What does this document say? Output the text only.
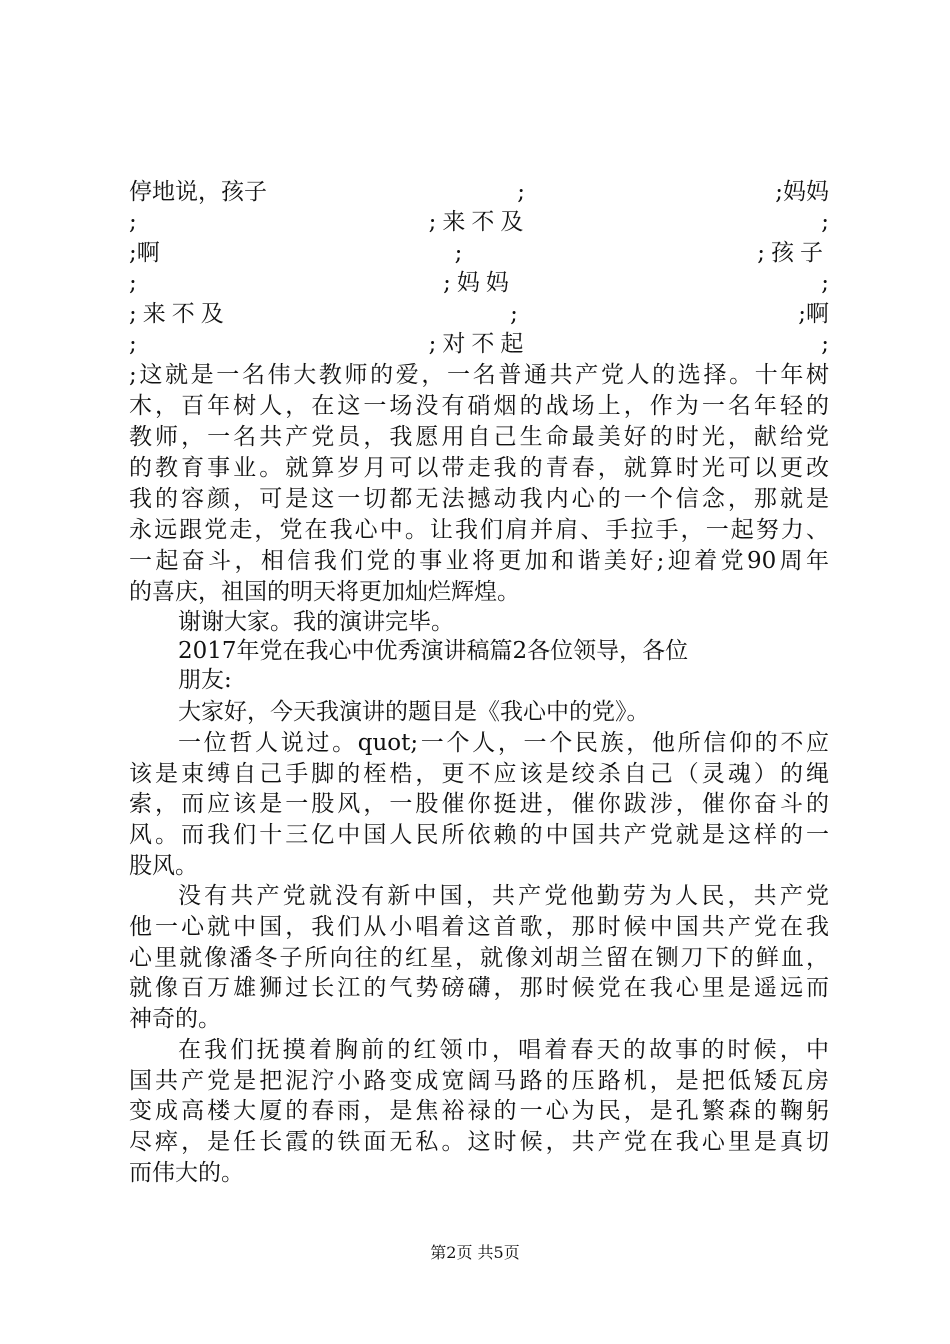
停地说，孩子	;	;妈妈
;	;来不及	;
;啊	;	;孩子
;	;妈妈	;
;来不及	;	;啊
;	;对不起	;
;这就是一名伟大教师的爱，一名普通共产党人的选择。十年树
木，百年树人，在这一场没有硝烟的战场上，作为一名年轻的
教师，一名共产党员，我愿用自己生命最美好的时光，献给党
的教育事业。就算岁月可以带走我的青春，就算时光可以更改
我的容颜，可是这一切都无法撼动我内心的一个信念，那就是
永远跟党走，党在我心中。让我们肩并肩、手拉手，一起努力、
一起奋斗，相信我们党的事业将更加和谐美好;迎着党90周年
的喜庆，祖国的明天将更加灿烂辉煌。
谢谢大家。我的演讲完毕。
2017年党在我心中优秀演讲稿篇2各位领导，各位
朋友:
大家好，今天我演讲的题目是《我心中的党》。
一位哲人说过。quot;一个人，一个民族，他所信仰的不应
该是束缚自己手脚的桎梏，更不应该是绞杀自己（灵魂）的绳
索，而应该是一股风，一股催你挺进，催你跋涉，催你奋斗的
风。而我们十三亿中国人民所依赖的中国共产党就是这样的一
股风。
没有共产党就没有新中国，共产党他勤劳为人民，共产党
他一心就中国，我们从小唱着这首歌，那时候中国共产党在我
心里就像潘冬子所向往的红星，就像刘胡兰留在铡刀下的鲜血，
就像百万雄狮过长江的气势磅礴，那时候党在我心里是遥远而
神奇的。
在我们抚摸着胸前的红领巾，唱着春天的故事的时候，中
国共产党是把泥泞小路变成宽阔马路的压路机，是把低矮瓦房
变成高楼大厦的春雨，是焦裕禄的一心为民，是孔繁森的鞠躬
尽瘁，是任长霞的铁面无私。这时候，共产党在我心里是真切
而伟大的。
第2页 共5页
